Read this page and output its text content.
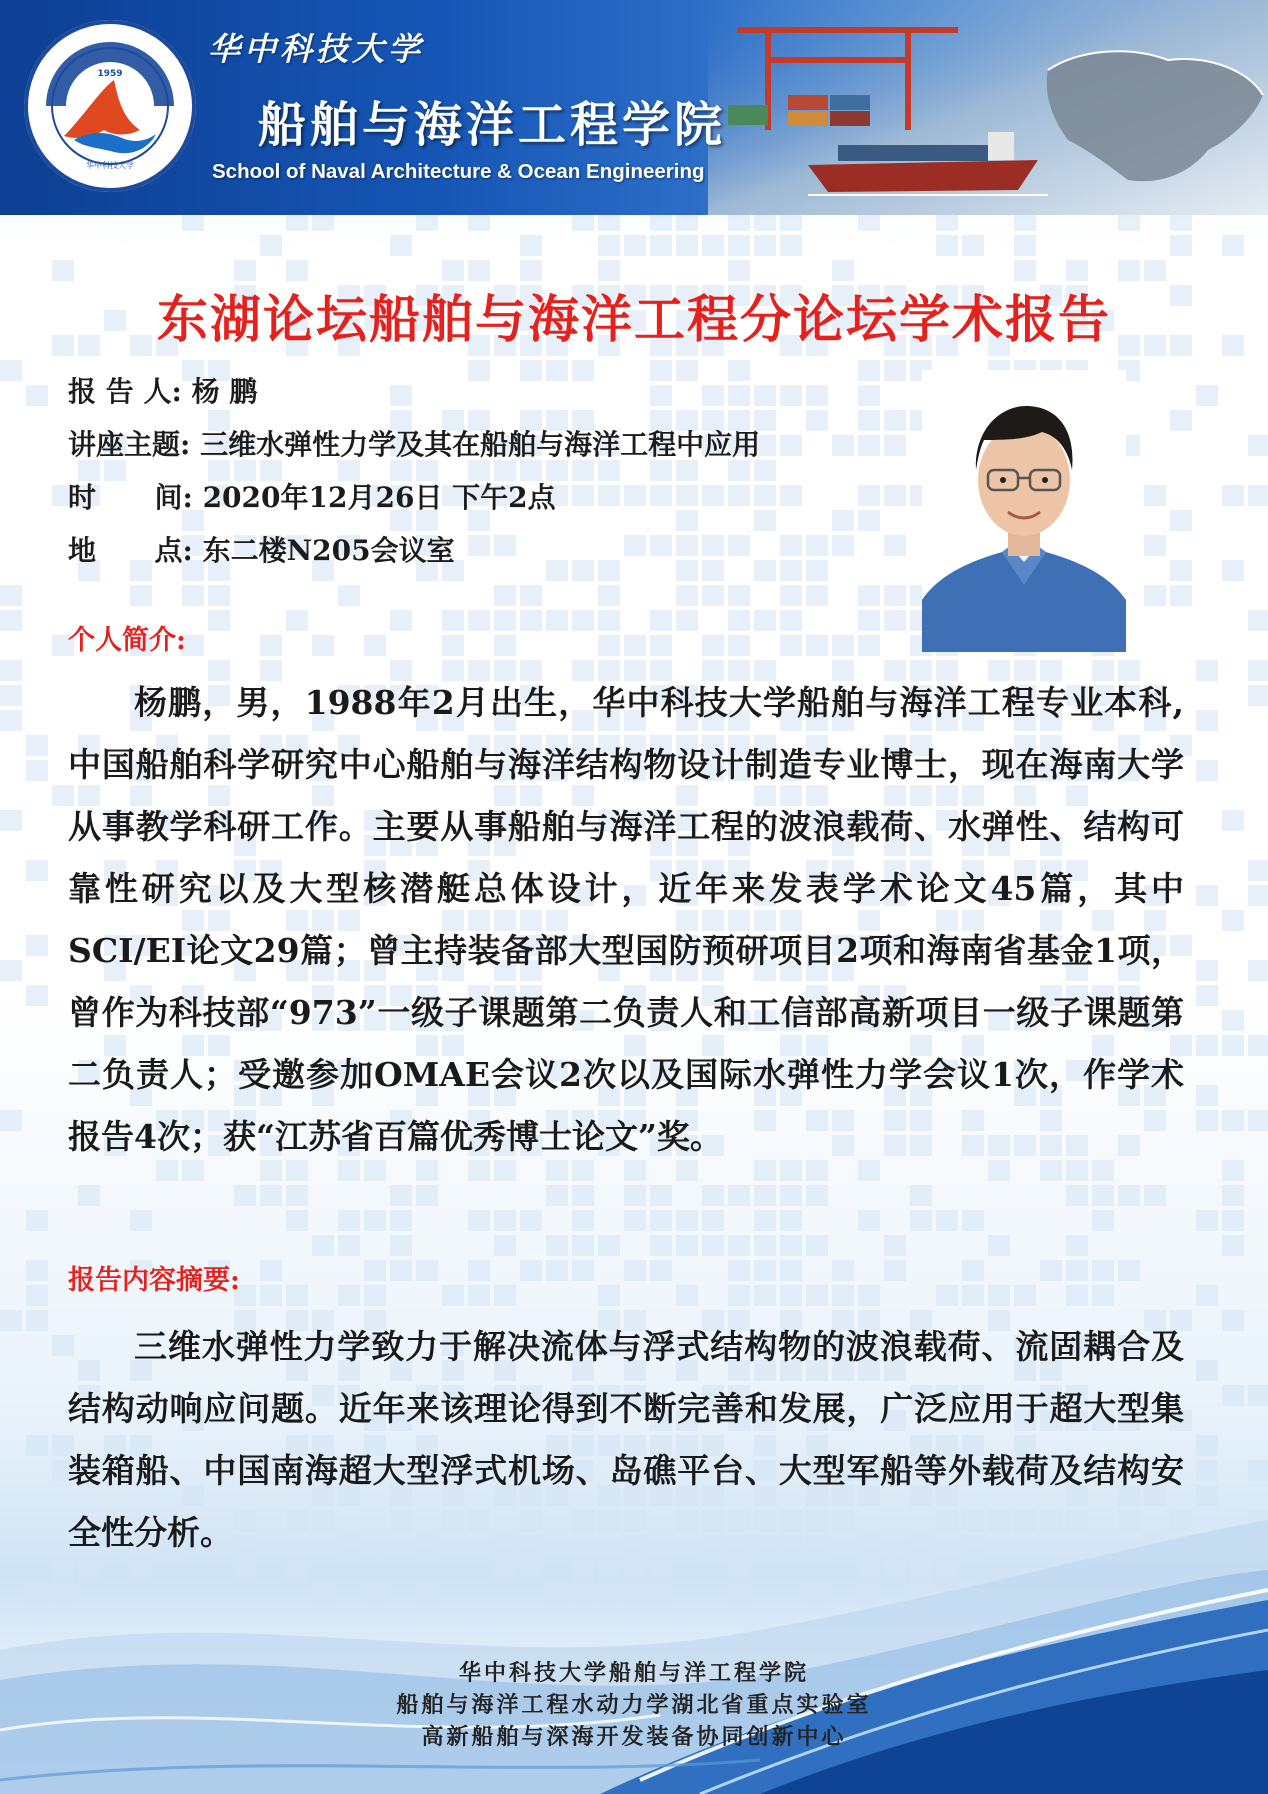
1959
华中科技大学
华中科技大学
船舶与海洋工程学院
School of Naval Architecture & Ocean Engineering
东湖论坛船舶与海洋工程分论坛学术报告
报 告 人: 杨 鹏
讲座主题: 三维水弹性力学及其在船舶与海洋工程中应用
时      间: 2020年12月26日 下午2点
地      点: 东二楼N205会议室
个人简介:
杨鹏，男，1988年2月出生，华中科技大学船舶与海洋工程专业本科,中国船舶科学研究中心船舶与海洋结构物设计制造专业博士，现在海南大学从事教学科研工作。主要从事船舶与海洋工程的波浪载荷、水弹性、结构可靠性研究以及大型核潜艇总体设计，近年来发表学术论文45篇，其中SCI/EI论文29篇；曾主持装备部大型国防预研项目2项和海南省基金1项，曾作为科技部“973”一级子课题第二负责人和工信部高新项目一级子课题第二负责人；受邀参加OMAE会议2次以及国际水弹性力学会议1次，作学术报告4次；获“江苏省百篇优秀博士论文”奖。
报告内容摘要:
三维水弹性力学致力于解决流体与浮式结构物的波浪载荷、流固耦合及结构动响应问题。近年来该理论得到不断完善和发展，广泛应用于超大型集装箱船、中国南海超大型浮式机场、岛礁平台、大型军船等外载荷及结构安全性分析。
华中科技大学船舶与洋工程学院
船舶与海洋工程水动力学湖北省重点实验室
高新船舶与深海开发装备协同创新中心
